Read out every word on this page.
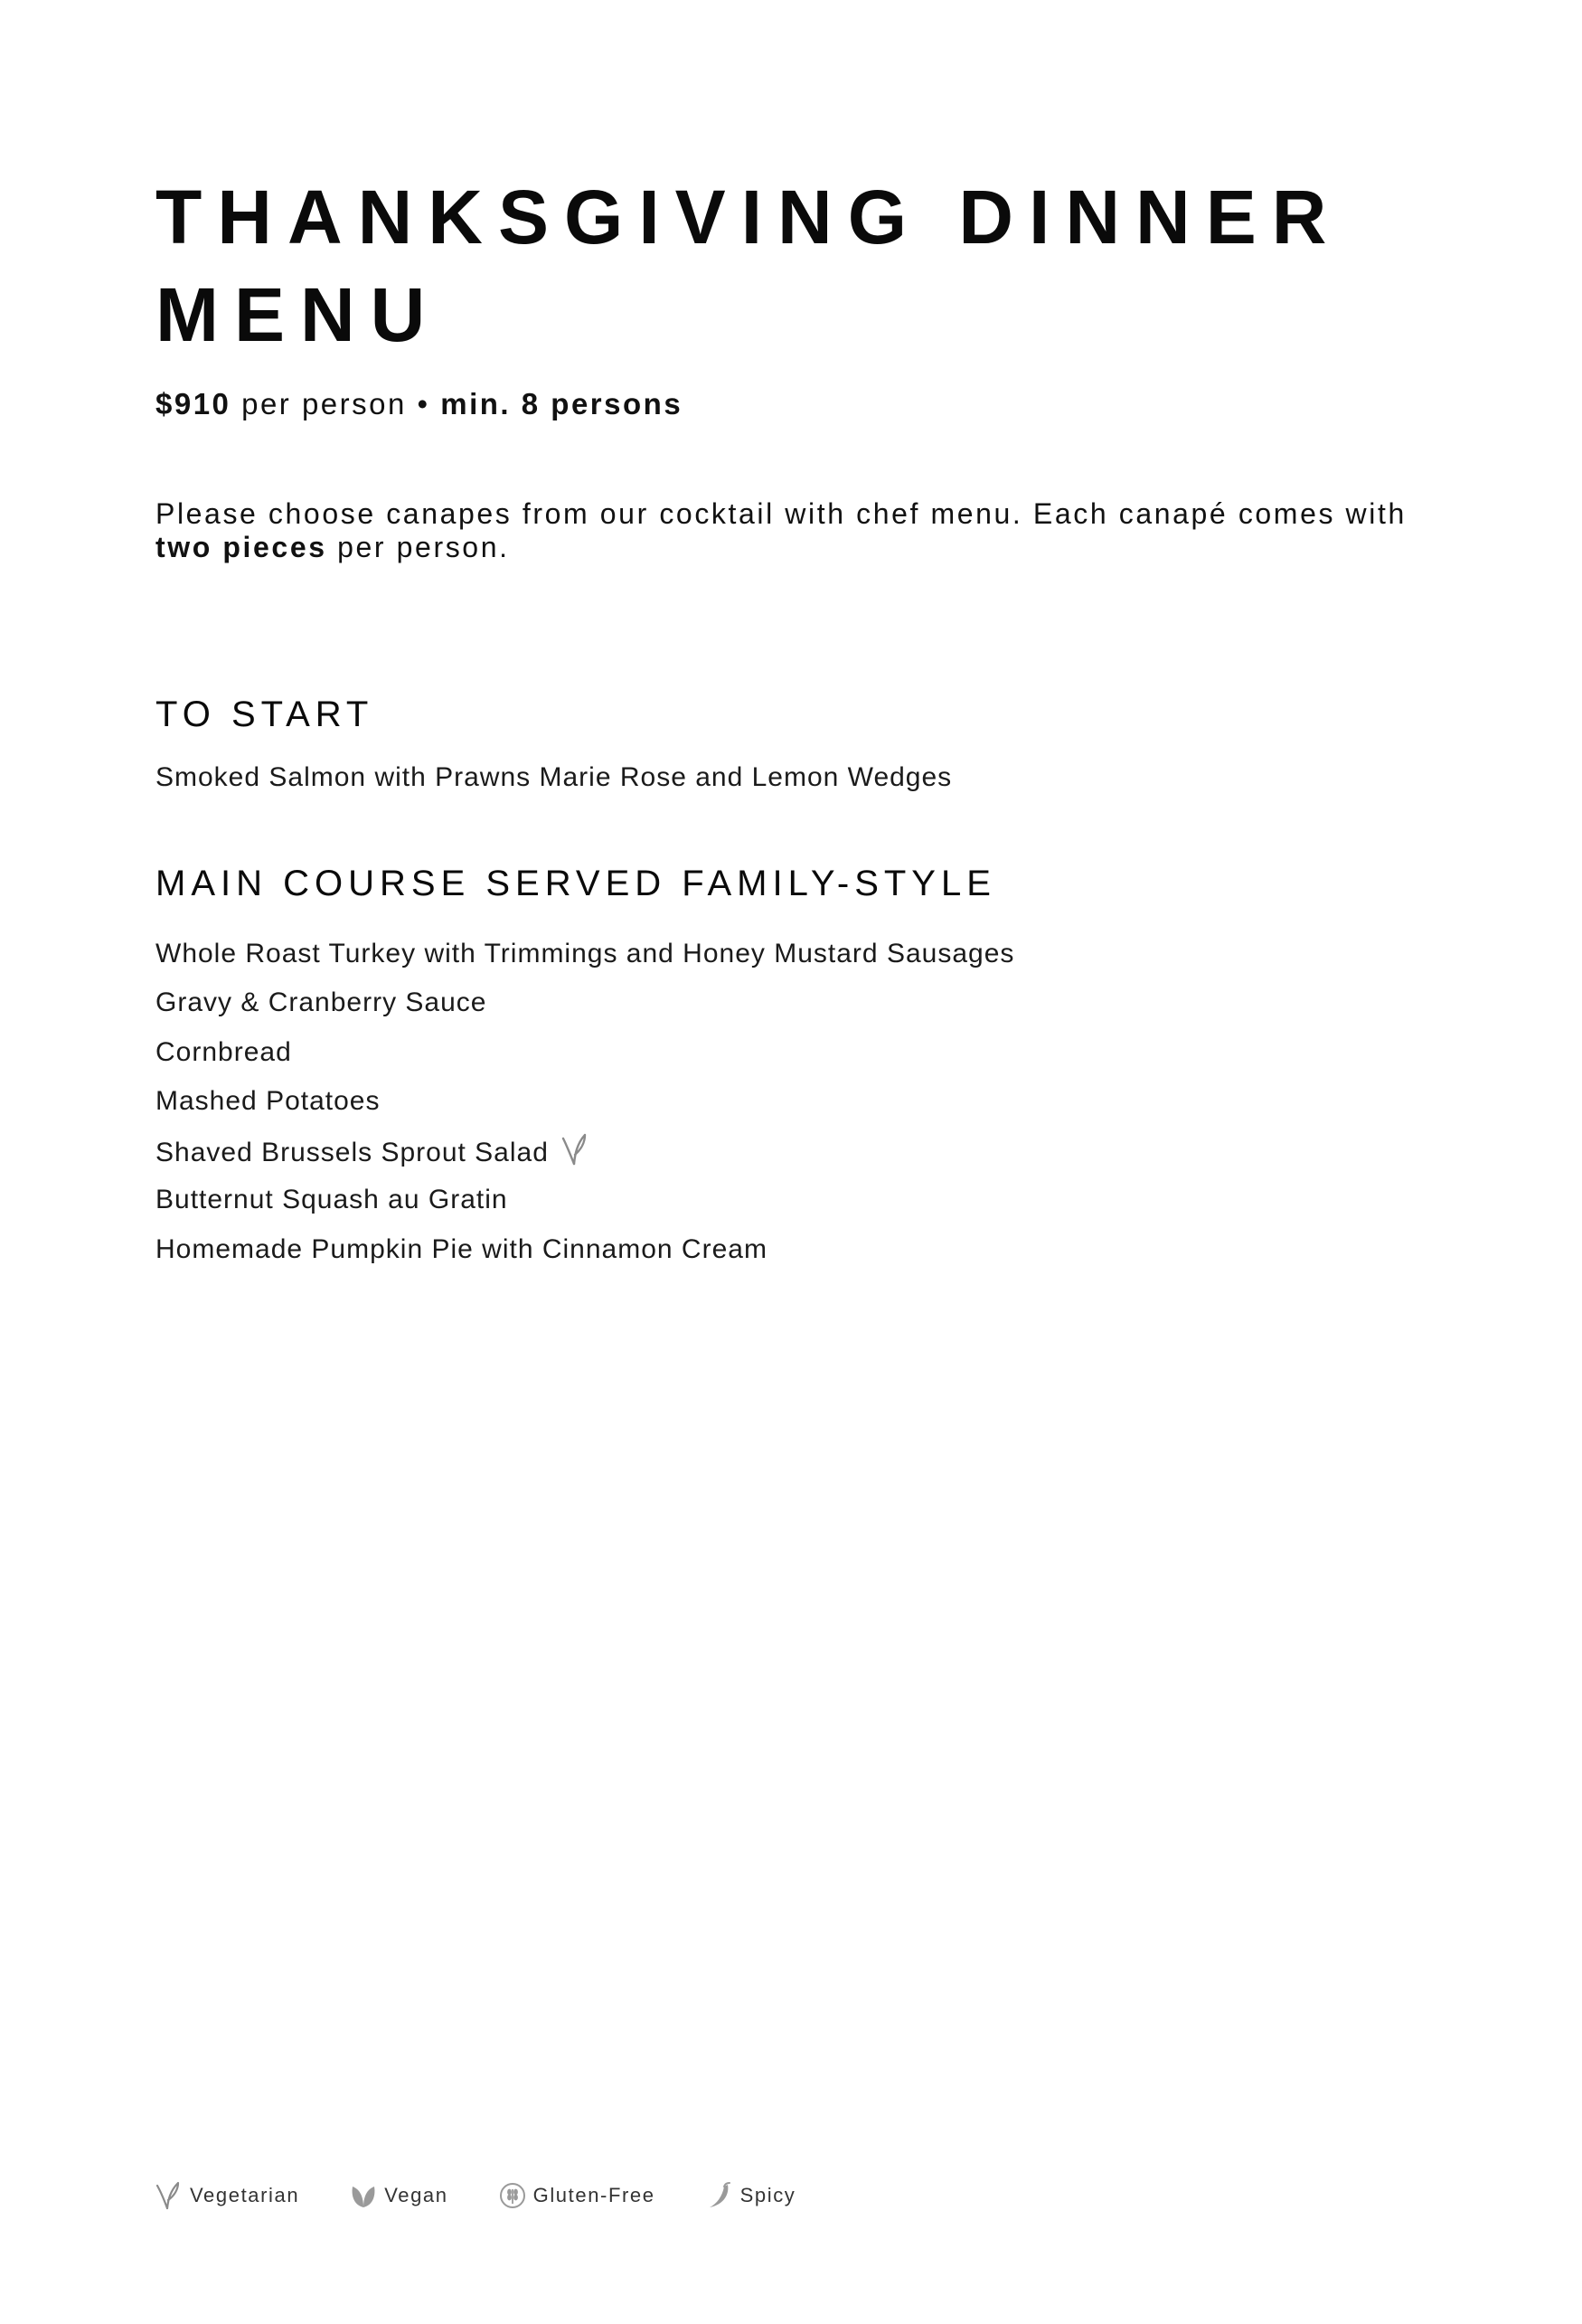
THANKSGIVING DINNER MENU
$910 per person • min. 8 persons

Please choose canapes from our cocktail with chef menu. Each canapé comes with two pieces per person.

TO START
Smoked Salmon with Prawns Marie Rose and Lemon Wedges
MAIN COURSE SERVED FAMILY-STYLE
Whole Roast Turkey with Trimmings and Honey Mustard Sausages
Gravy & Cranberry Sauce
Cornbread
Mashed Potatoes
Shaved Brussels Sprout Salad
Butternut Squash au Gratin
Homemade Pumpkin Pie with Cinnamon Cream
Vegetarian	Vegan	Gluten-Free	Spicy
